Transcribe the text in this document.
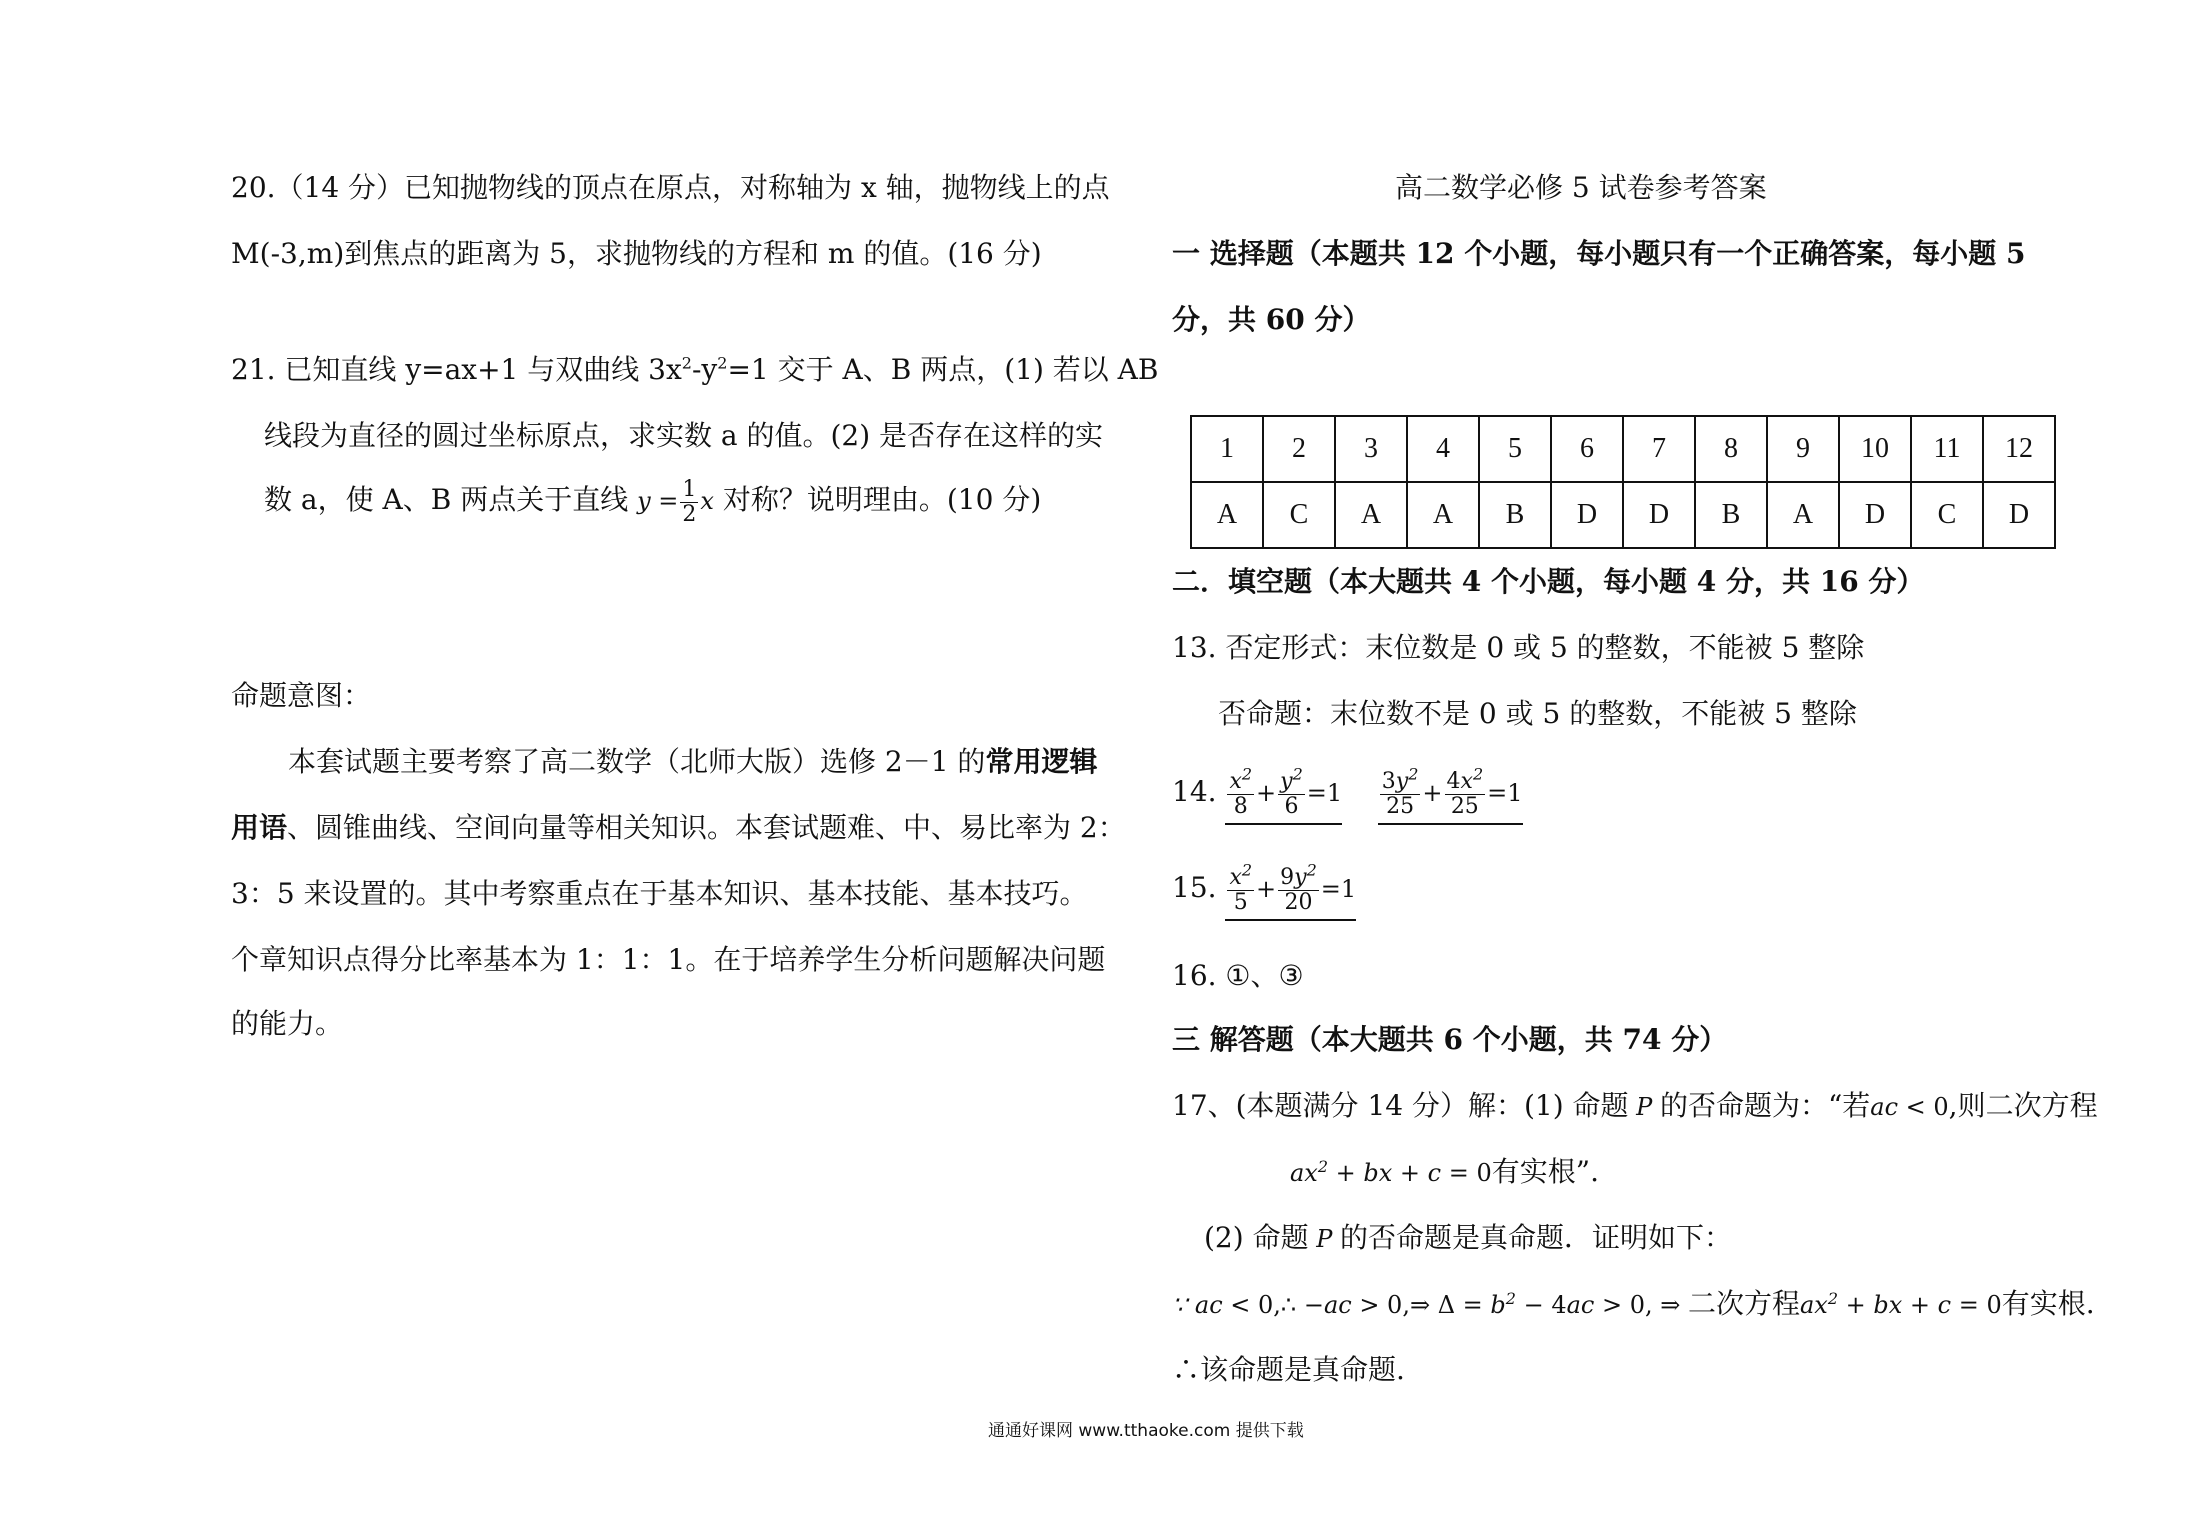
20.（14 分）已知抛物线的顶点在原点，对称轴为 x 轴，抛物线上的点
M(-3,m)到焦点的距离为 5，求抛物线的方程和 m 的值。(16 分)
21. 已知直线 y=ax+1 与双曲线 $3x^2-y^2=1$ 交于 A、B 两点，(1) 若以 AB
线段为直径的圆过坐标原点，求实数 a 的值。(2) 是否存在这样的实
数 a，使 A、B 两点关于直线 $y = \frac{1}{2}$ x 对称？说明理由。(10 分)
命题意图：
本套试题主要考察了高二数学（北师大版）选修 2－1 的常用逻辑
用语、圆锥曲线、空间向量等相关知识。本套试题难、中、易比率为 2：
3：5 来设置的。其中考察重点在于基本知识、基本技能、基本技巧。
个章知识点得分比率基本为 1：1：1。在于培养学生分析问题解决问题
的能力。
高二数学必修 5 试卷参考答案
一 选择题（本题共 12 个小题，每小题只有一个正确答案，每小题 5
分，共 60 分）
1	2	3	4	5	6	7	8	9	10	11	12
A	C	A	A	B	D	D	B	A	D	C	D
二．填空题（本大题共 4 个小题，每小题 4 分，共 16 分）
13. 否定形式：末位数是 0 或 5 的整数，不能被 5 整除
否命题：末位数不是 0 或 5 的整数，不能被 5 整除
14. $\frac{x^2}{8} + \frac{y^2}{6} =1 \frac{3y^2}{25} + \frac{4x^2}{25} =1$
15. $\frac{x^2}{5} + \frac{9y^2}{20} =1$
16. ①、③
三 解答题（本大题共 6 个小题，共 74 分）
17、(本题满分 14 分）解：(1) 命题 P 的否命题为：“若ac < 0,则二次方程
$ax^2$ + bx + c = 0有实根”.
(2) 命题 P 的否命题是真命题．证明如下：
∵ ac < 0,∴ −ac > 0,⇒ $\Delta = b^2 - 4ac > 0$, ⇒ 二次方程$ax^2$ + bx + c = 0有实根.
∴该命题是真命题.
通通好课网 www.tthaoke.com 提供下载
